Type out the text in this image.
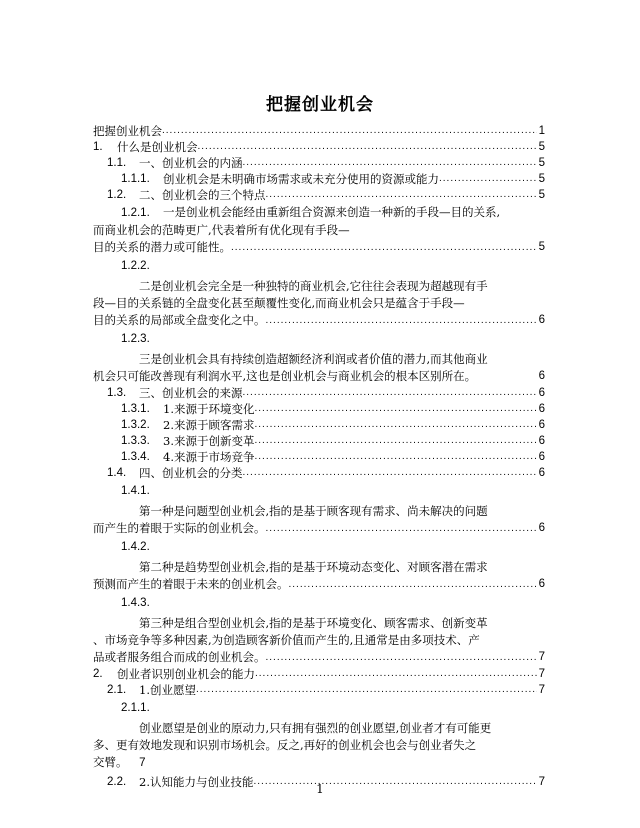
把握创业机会
把握创业机会 .....	1
1.	什么是创业机会 .....	5
1.1.	一、创业机会的内涵 .....	5
1.1.1.	创业机会是未明确市场需求或未充分使用的资源或能力 .....	5
1.2.	二、创业机会的三个特点 .....	5
1.2.1. 一是创业机会能经由重新组合资源来创造一种新的手段—目的关系,
而商业机会的范畴更广,代表着所有优化现有手段—
目的关系的潜力或可能性。 .....	5
1.2.2.
二是创业机会完全是一种独特的商业机会,它往往会表现为超越现有手
段—目的关系链的全盘变化甚至颠覆性变化,而商业机会只是蕴含于手段—
目的关系的局部或全盘变化之中。 .....	6
1.2.3.
三是创业机会具有持续创造超额经济利润或者价值的潜力,而其他商业
机会只可能改善现有利润水平,这也是创业机会与商业机会的根本区别所在。	6
1.3.	三、创业机会的来源 .....	6
1.3.1.	1.来源于环境变化 .....	6
1.3.2.	2.来源于顾客需求 .....	6
1.3.3.	3.来源于创新变革 .....	6
1.3.4.	4.来源于市场竞争 .....	6
1.4.	四、创业机会的分类 .....	6
1.4.1.
第一种是问题型创业机会,指的是基于顾客现有需求、尚未解决的问题
而产生的着眼于实际的创业机会。 .....	6
1.4.2.
第二种是趋势型创业机会,指的是基于环境动态变化、对顾客潜在需求
预测而产生的着眼于未来的创业机会。 .....	6
1.4.3.
第三种是组合型创业机会,指的是基于环境变化、顾客需求、创新变革
、市场竞争等多种因素,为创造顾客新价值而产生的,且通常是由多项技术、产
品或者服务组合而成的创业机会。 .....	7
2.	创业者识别创业机会的能力 .....	7
2.1.	1.创业愿望 .....	7
2.1.1.
创业愿望是创业的原动力,只有拥有强烈的创业愿望,创业者才有可能更
多、更有效地发现和识别市场机会。反之,再好的创业机会也会与创业者失之
交臂。 7
2.2.	2.认知能力与创业技能 .....	7
1
